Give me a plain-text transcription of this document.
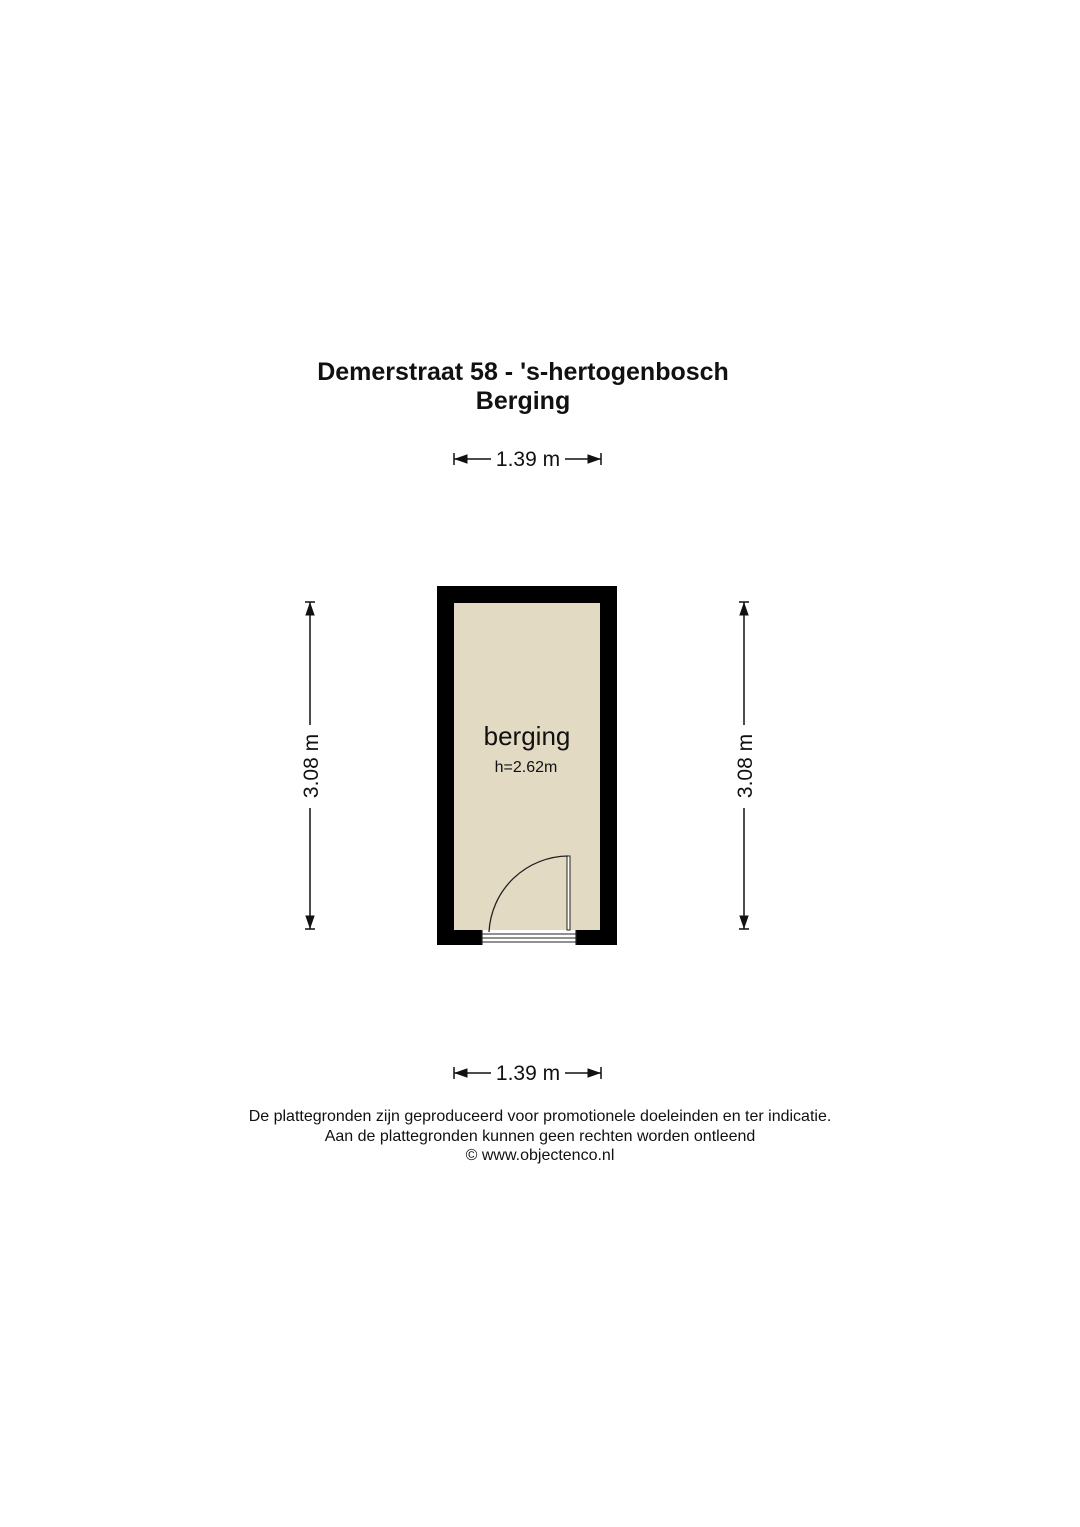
Demerstraat 58 - 's-hertogenbosch
Berging
1.39 m
3.08 m	3.08 m
berging
h=2.62m
1.39 m
De plattegronden zijn geproduceerd voor promotionele doeleinden en ter indicatie.
Aan de plattegronden kunnen geen rechten worden ontleend
© www.objectenco.nl
